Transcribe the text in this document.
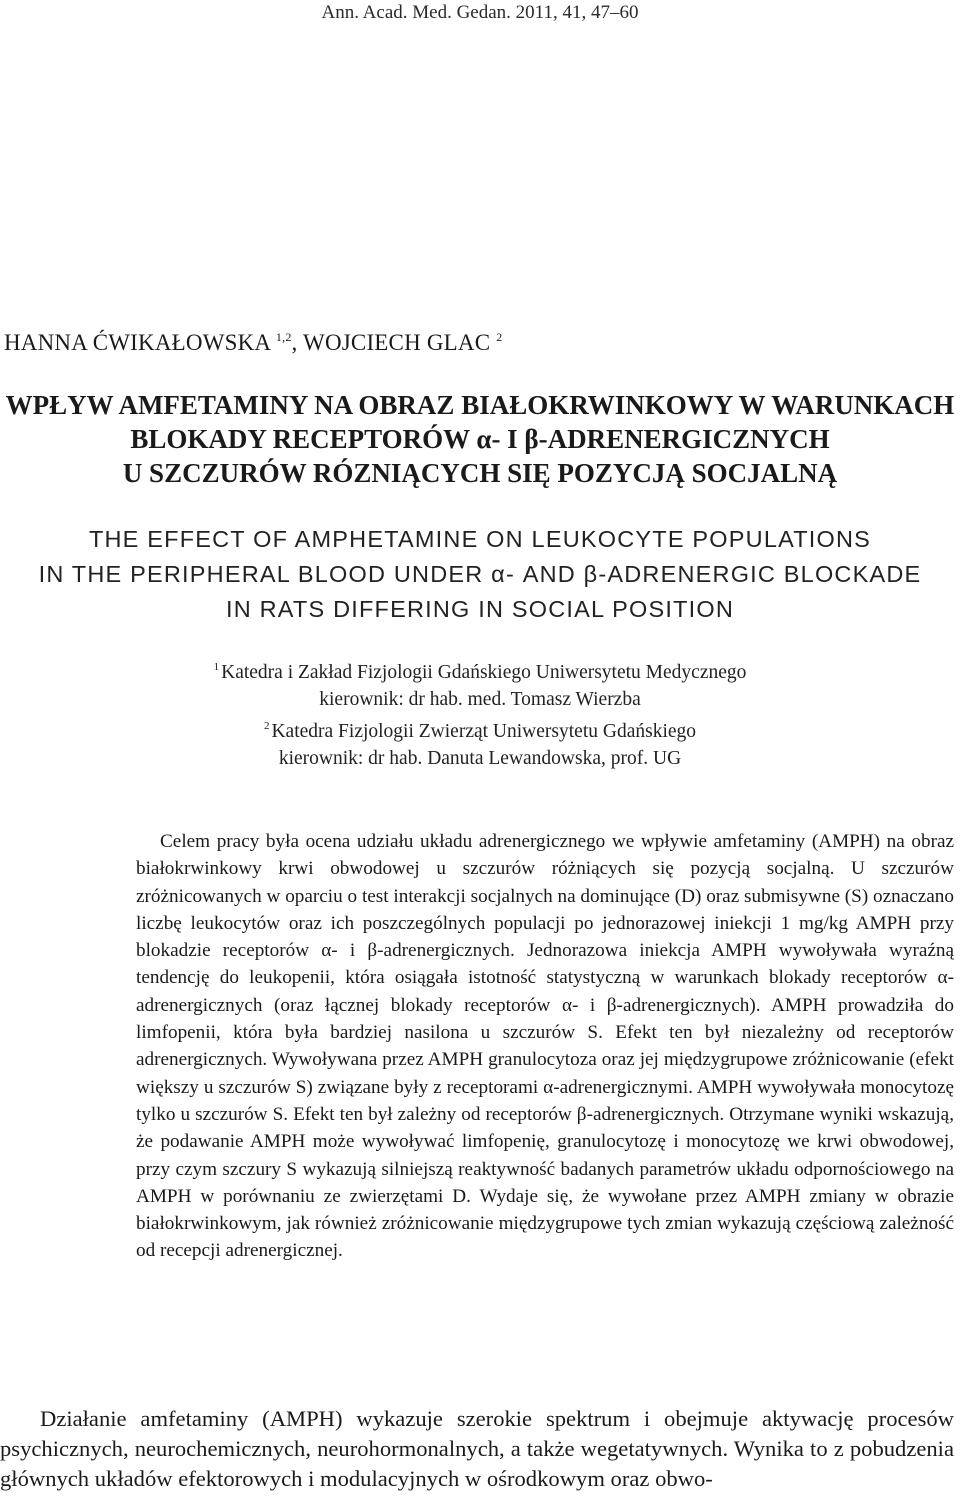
Ann. Acad. Med. Gedan. 2011, 41, 47–60
HANNA ĆWIKAŁOWSKA $^{1,2}$, WOJCIECH GLAC $^2$
WPŁYW AMFETAMINY NA OBRAZ BIAŁOKRWINKOWY W WARUNKACH
BLOKADY RECEPTORÓW α- I β-ADRENERGICZNYCH
U SZCZURÓW RÓZNIĄCYCH SIĘ POZYCJĄ SOCJALNĄ
THE EFFECT OF AMPHETAMINE ON LEUKOCYTE POPULATIONS
IN THE PERIPHERAL BLOOD UNDER α- AND β-ADRENERGIC BLOCKADE
IN RATS DIFFERING IN SOCIAL POSITION
$^1$ Katedra i Zakład Fizjologii Gdańskiego Uniwersytetu Medycznego
kierownik: dr hab. med. Tomasz Wierzba
$^2$ Katedra Fizjologii Zwierząt Uniwersytetu Gdańskiego
kierownik: dr hab. Danuta Lewandowska, prof. UG

Celem pracy była ocena udziału układu adrenergicznego we wpływie amfetaminy (AMPH) na obraz białokrwinkowy krwi obwodowej u szczurów różniących się pozycją socjalną. U szczurów zróżnicowanych w oparciu o test interakcji socjalnych na dominujące (D) oraz submisywne (S) oznaczano liczbę leukocytów oraz ich poszczególnych populacji po jednorazowej iniekcji 1 mg/kg AMPH przy blokadzie receptorów α- i β-adrenergicznych. Jednorazowa iniekcja AMPH wywoływała wyraźną tendencję do leukopenii, która osiągała istotność statystyczną w warunkach blokady receptorów α-adrenergicznych (oraz łącznej blokady receptorów α- i β-adrenergicznych). AMPH prowadziła do limfopenii, która była bardziej nasilona u szczurów S. Efekt ten był niezależny od receptorów adrenergicznych. Wywoływana przez AMPH granulocytoza oraz jej międzygrupowe zróżnicowanie (efekt większy u szczurów S) związane były z receptorami α-adrenergicznymi. AMPH wywoływała monocytozę tylko u szczurów S. Efekt ten był zależny od receptorów β-adrenergicznych. Otrzymane wyniki wskazują, że podawanie AMPH może wywoływać limfopenię, granulocytozę i monocytozę we krwi obwodowej, przy czym szczury S wykazują silniejszą reaktywność badanych parametrów układu odpornościowego na AMPH w porównaniu ze zwierzętami D. Wydaje się, że wywołane przez AMPH zmiany w obrazie białokrwinkowym, jak również zróżnicowanie międzygrupowe tych zmian wykazują częściową zależność od recepcji adrenergicznej.

Działanie amfetaminy (AMPH) wykazuje szerokie spektrum i obejmuje aktywację procesów psychicznych, neurochemicznych, neurohormonalnych, a także wegetatywnych. Wynika to z pobudzenia głównych układów efektorowych i modulacyjnych w ośrodkowym oraz obwo-
